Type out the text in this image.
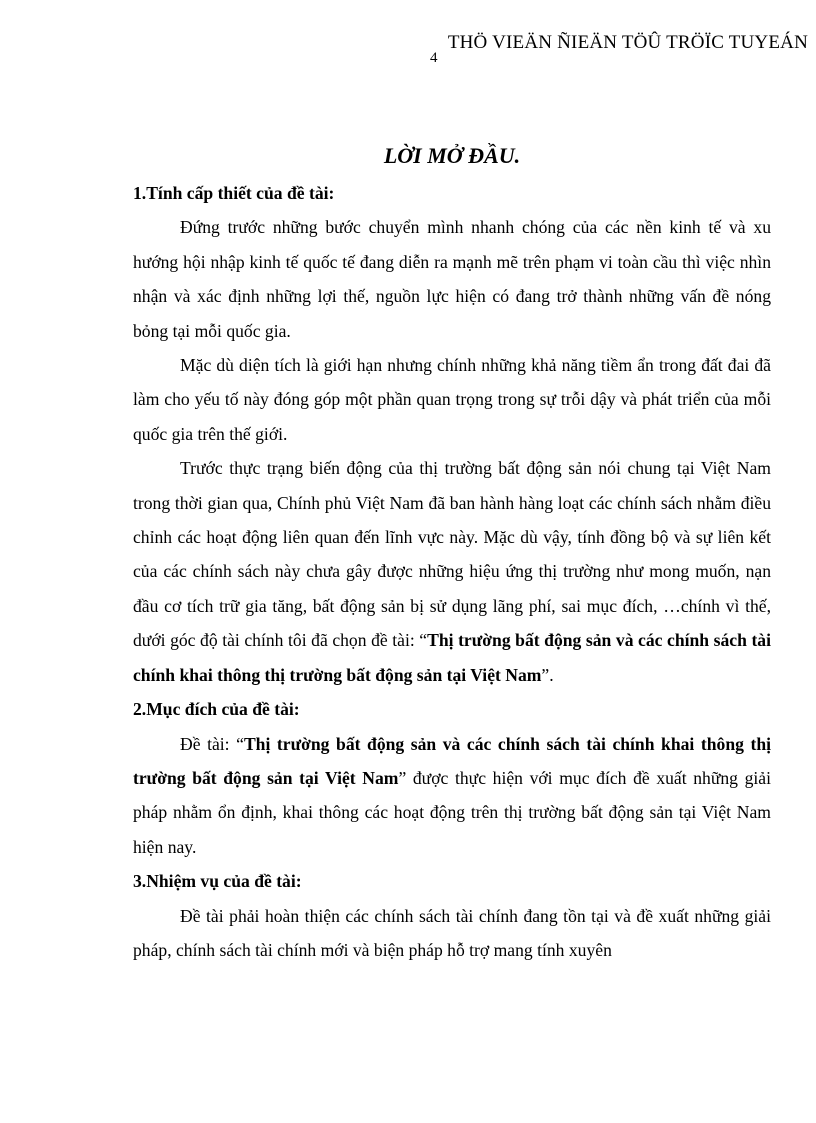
THÖ VIEÄN ÑIEÄN TÖÛ TRÖÏC TUYEÁN
4
LỜI MỞ ĐẦU.

1.Tính cấp thiết của đề tài:

Đứng trước những bước chuyển mình nhanh chóng của các nền kinh tế và xu hướng hội nhập kinh tế quốc tế đang diễn ra mạnh mẽ trên phạm vi toàn cầu thì việc nhìn nhận và xác định những lợi thế, nguồn lực hiện có đang trở thành những vấn đề nóng bỏng tại mỗi quốc gia.

Mặc dù diện tích là giới hạn nhưng chính những khả năng tiềm ẩn trong đất đai đã làm cho yếu tố này đóng góp một phần quan trọng trong sự trỗi dậy và phát triển của mỗi quốc gia trên thế giới.

Trước thực trạng biến động của thị trường bất động sản nói chung tại Việt Nam trong thời gian qua, Chính phủ Việt Nam đã ban hành hàng loạt các chính sách nhằm điều chỉnh các hoạt động liên quan đến lĩnh vực này. Mặc dù vậy, tính đồng bộ và sự liên kết của các chính sách này chưa gây được những hiệu ứng thị trường như mong muốn, nạn đầu cơ tích trữ gia tăng, bất động sản bị sử dụng lãng phí, sai mục đích, …chính vì thế, dưới góc độ tài chính tôi đã chọn đề tài: “Thị trường bất động sản và các chính sách tài chính khai thông thị trường bất động sản tại Việt Nam”.

2.Mục đích của đề tài:

Đề tài: “Thị trường bất động sản và các chính sách tài chính khai thông thị trường bất động sản tại Việt Nam” được thực hiện với mục đích đề xuất những giải pháp nhằm ổn định, khai thông các hoạt động trên thị trường bất động sản tại Việt Nam hiện nay.

3.Nhiệm vụ của đề tài:

Đề tài phải hoàn thiện các chính sách tài chính đang tồn tại và đề xuất những giải pháp, chính sách tài chính mới và biện pháp hỗ trợ mang tính xuyên
